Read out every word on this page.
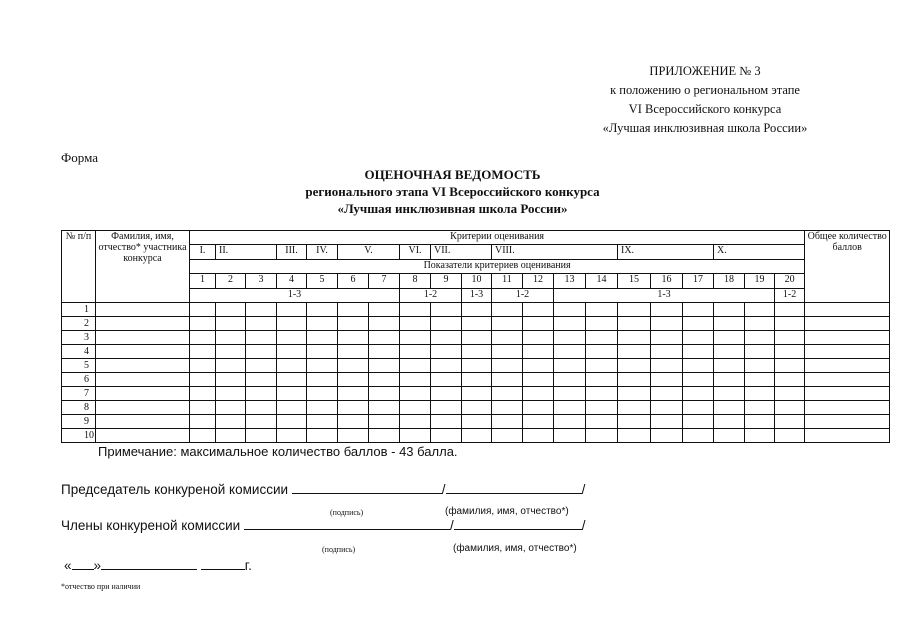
ПРИЛОЖЕНИЕ № 3
к положению о региональном этапе
VI Всероссийского конкурса
«Лучшая инклюзивная школа России»
Форма
ОЦЕНОЧНАЯ ВЕДОМОСТЬ
регионального этапа VI Всероссийского конкурса
«Лучшая инклюзивная школа России»
№ п/п	Фамилия, имя, отчество* участника конкурса	Критерии оценивания																				Общее количество баллов	
		I.	II.		III.	IV.	V.		VI.	VII.		VIII.				IX.			X.	
		Показатели критериев оценивания																					
		1	2	3	4	5	6	7	8	9	10	11	12	13	14	15	16	17	18	19	20		
		1-3							1-2		1-3	1-2		1-3							1-2		
1																							
2																							
3																							
4																							
5																							
6																							
7																							
8																							
9																							
10																							
Примечание: максимальное количество баллов - 43 балла.
Председатель конкуреной комиссии	/	/
(подпись)	(фамилия, имя, отчество*)
Члены конкуреной комиссии	/	/
(подпись)	(фамилия, имя, отчество*)
« »	г.
*отчество при наличии
